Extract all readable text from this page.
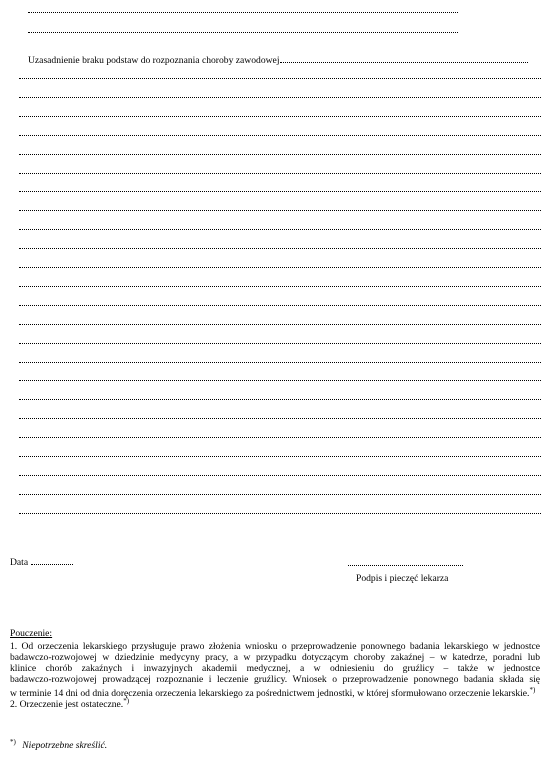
Uzasadnienie braku podstaw do rozpoznania choroby zawodowej
Data
Podpis i pieczęć lekarza
Pouczenie:
1. Od orzeczenia lekarskiego przysługuje prawo złożenia wniosku o przeprowadzenie ponownego badania lekarskiego w jednostce
badawczo-rozwojowej w dziedzinie medycyny pracy, a w przypadku dotyczącym choroby zakaźnej – w katedrze, poradni lub
klinice chorób zakaźnych i inwazyjnych akademii medycznej, a w odniesieniu do gruźlicy – także w jednostce
badawczo-rozwojowej prowadzącej rozpoznanie i leczenie gruźlicy. Wniosek o przeprowadzenie ponownego badania składa się
w terminie 14 dni od dnia doręczenia orzeczenia lekarskiego za pośrednictwem jednostki, w której sformułowano orzeczenie lekarskie.*)
2. Orzeczenie jest ostateczne.*)
*) Niepotrzebne skreślić.
